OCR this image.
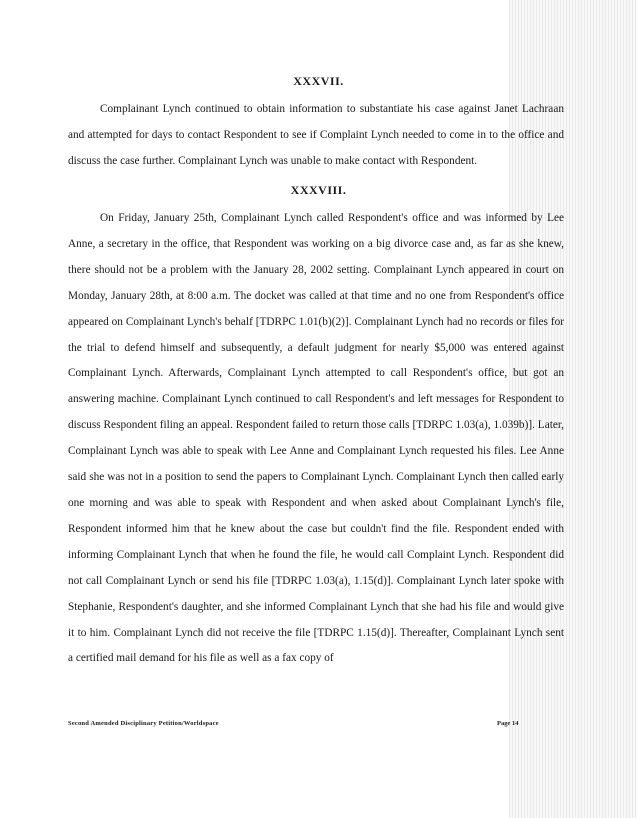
XXXVII.

Complainant Lynch continued to obtain information to substantiate his case against Janet Lachraan and attempted for days to contact Respondent to see if Complaint Lynch needed to come in to the office and discuss the case further. Complainant Lynch was unable to make contact with Respondent.

XXXVIII.

On Friday, January 25th, Complainant Lynch called Respondent's office and was informed by Lee Anne, a secretary in the office, that Respondent was working on a big divorce case and, as far as she knew, there should not be a problem with the January 28, 2002 setting. Complainant Lynch appeared in court on Monday, January 28th, at 8:00 a.m. The docket was called at that time and no one from Respondent's office appeared on Complainant Lynch's behalf [TDRPC 1.01(b)(2)]. Complainant Lynch had no records or files for the trial to defend himself and subsequently, a default judgment for nearly $5,000 was entered against Complainant Lynch. Afterwards, Complainant Lynch attempted to call Respondent's office, but got an answering machine. Complainant Lynch continued to call Respondent's and left messages for Respondent to discuss Respondent filing an appeal. Respondent failed to return those calls [TDRPC 1.03(a), 1.039b)]. Later, Complainant Lynch was able to speak with Lee Anne and Complainant Lynch requested his files. Lee Anne said she was not in a position to send the papers to Complainant Lynch. Complainant Lynch then called early one morning and was able to speak with Respondent and when asked about Complainant Lynch's file, Respondent informed him that he knew about the case but couldn't find the file. Respondent ended with informing Complainant Lynch that when he found the file, he would call Complaint Lynch. Respondent did not call Complainant Lynch or send his file [TDRPC 1.03(a), 1.15(d)]. Complainant Lynch later spoke with Stephanie, Respondent's daughter, and she informed Complainant Lynch that she had his file and would give it to him. Complainant Lynch did not receive the file [TDRPC 1.15(d)]. Thereafter, Complainant Lynch sent a certified mail demand for his file as well as a fax copy of

Second Amended Disciplinary Petition/Worldspace	Page 14
